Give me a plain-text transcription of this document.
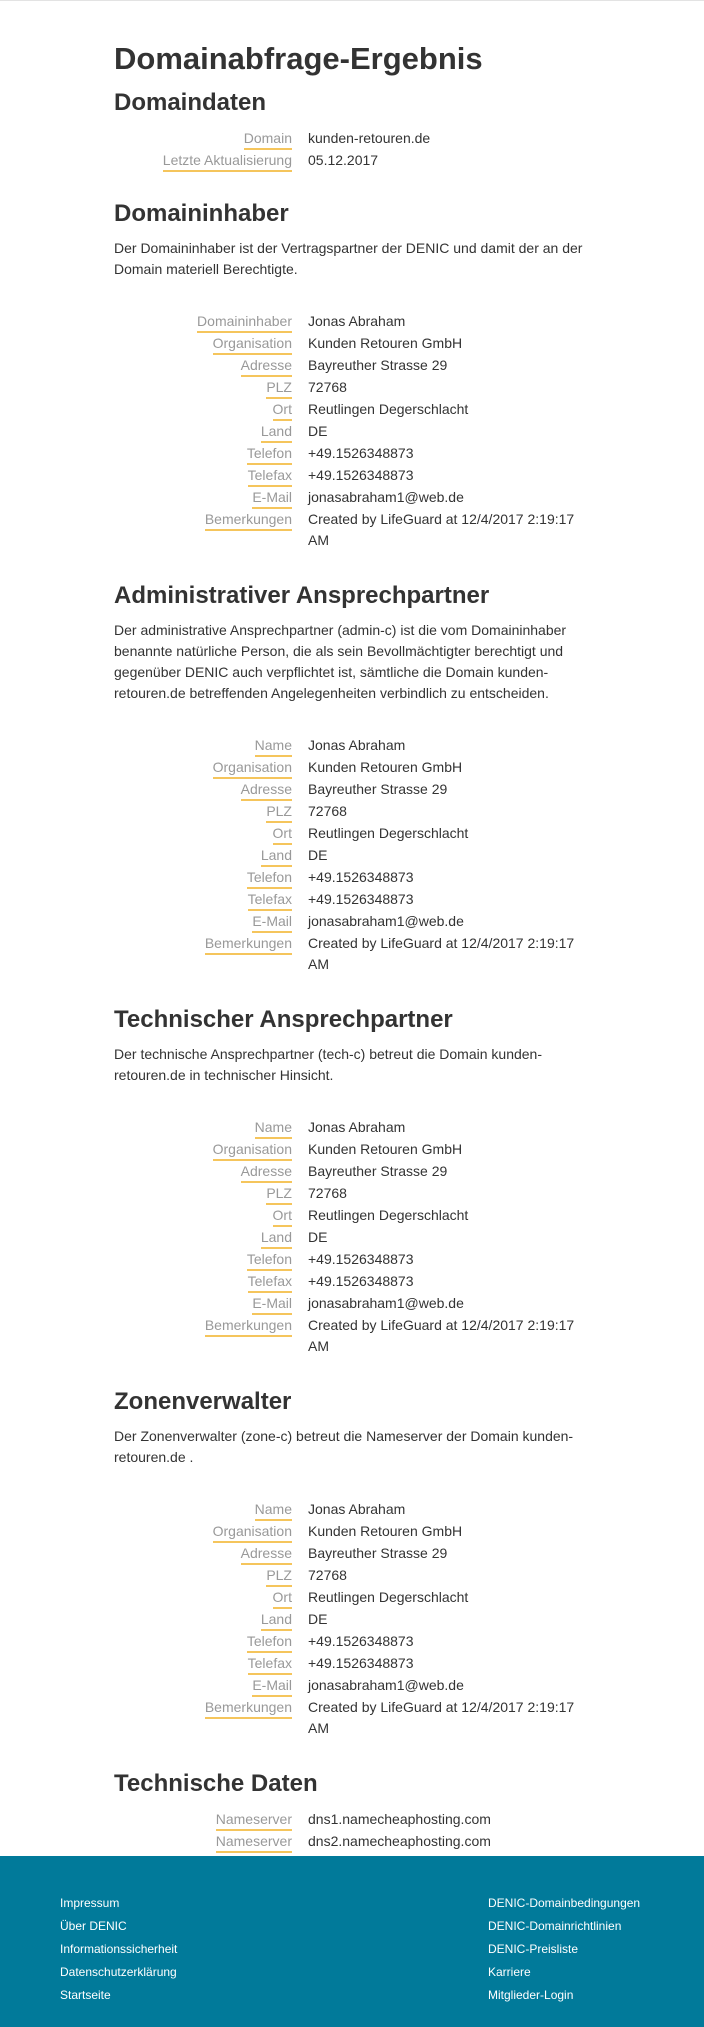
Domainabfrage-Ergebnis
Domaindaten
Domain kunden-retouren.de
Letzte Aktualisierung 05.12.2017
Domaininhaber

Der Domaininhaber ist der Vertragspartner der DENIC und damit der an der Domain materiell Berechtigte.

Domaininhaber Jonas Abraham
Organisation Kunden Retouren GmbH
Adresse Bayreuther Strasse 29
PLZ 72768
Ort Reutlingen Degerschlacht
Land DE
Telefon +49.1526348873
Telefax +49.1526348873
E-Mail jonasabraham1@web.de
Bemerkungen Created by LifeGuard at 12/4/2017 2:19:17 AM
Administrativer Ansprechpartner

Der administrative Ansprechpartner (admin-c) ist die vom Domaininhaber benannte natürliche Person, die als sein Bevollmächtigter berechtigt und gegenüber DENIC auch verpflichtet ist, sämtliche die Domain kunden-retouren.de betreffenden Angelegenheiten verbindlich zu entscheiden.

Name Jonas Abraham
Organisation Kunden Retouren GmbH
Adresse Bayreuther Strasse 29
PLZ 72768
Ort Reutlingen Degerschlacht
Land DE
Telefon +49.1526348873
Telefax +49.1526348873
E-Mail jonasabraham1@web.de
Bemerkungen Created by LifeGuard at 12/4/2017 2:19:17 AM
Technischer Ansprechpartner

Der technische Ansprechpartner (tech-c) betreut die Domain kunden-retouren.de in technischer Hinsicht.

Name Jonas Abraham
Organisation Kunden Retouren GmbH
Adresse Bayreuther Strasse 29
PLZ 72768
Ort Reutlingen Degerschlacht
Land DE
Telefon +49.1526348873
Telefax +49.1526348873
E-Mail jonasabraham1@web.de
Bemerkungen Created by LifeGuard at 12/4/2017 2:19:17 AM
Zonenverwalter

Der Zonenverwalter (zone-c) betreut die Nameserver der Domain kunden-retouren.de .

Name Jonas Abraham
Organisation Kunden Retouren GmbH
Adresse Bayreuther Strasse 29
PLZ 72768
Ort Reutlingen Degerschlacht
Land DE
Telefon +49.1526348873
Telefax +49.1526348873
E-Mail jonasabraham1@web.de
Bemerkungen Created by LifeGuard at 12/4/2017 2:19:17 AM
Technische Daten
Nameserver dns1.namecheaphosting.com
Nameserver dns2.namecheaphosting.com
Impressum
Über DENIC
Informationssicherheit
Datenschutzerklärung
Startseite
DENIC-Domainbedingungen
DENIC-Domainrichtlinien
DENIC-Preisliste
Karriere
Mitglieder-Login
